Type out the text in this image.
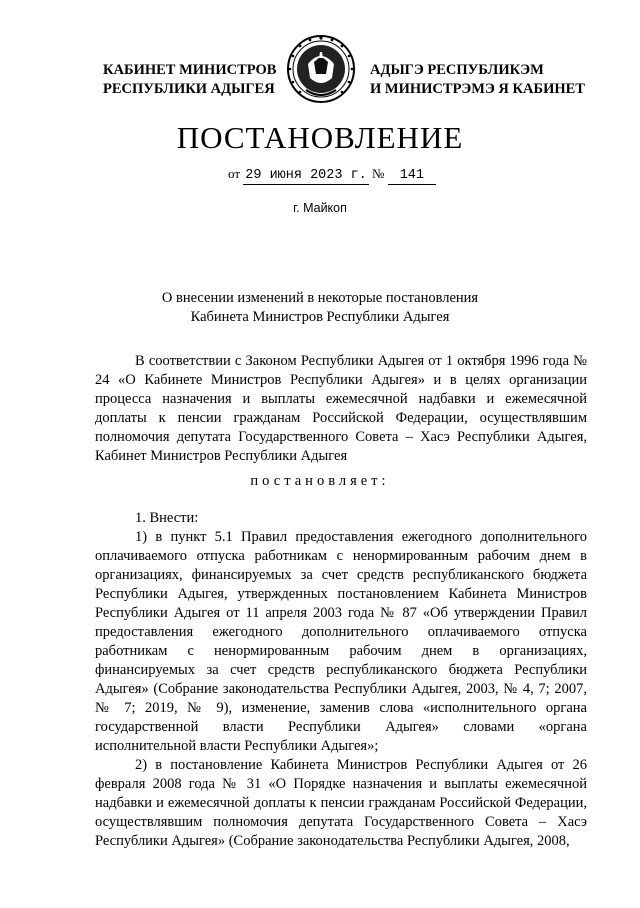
КАБИНЕТ МИНИСТРОВ
РЕСПУБЛИКИ АДЫГЕЯ
АДЫГЭ РЕСПУБЛИКЭМ
И МИНИСТРЭМЭ Я КАБИНЕТ
ПОСТАНОВЛЕНИЕ
от 29 июня 2023 г. № 141
г. Майкоп
О внесении изменений в некоторые постановления
Кабинета Министров Республики Адыгея

В соответствии с Законом Республики Адыгея от 1 октября 1996 года № 24 «О Кабинете Министров Республики Адыгея» и в целях организации процесса назначения и выплаты ежемесячной надбавки и ежемесячной доплаты к пенсии гражданам Российской Федерации, осуществлявшим полномочия депутата Государственного Совета – Хасэ Республики Адыгея, Кабинет Министров Республики Адыгея

постановляет:

1. Внести:

1) в пункт 5.1 Правил предоставления ежегодного дополнительного оплачиваемого отпуска работникам с ненормированным рабочим днем в организациях, финансируемых за счет средств республиканского бюджета Республики Адыгея, утвержденных постановлением Кабинета Министров Республики Адыгея от 11 апреля 2003 года № 87 «Об утверждении Правил предоставления ежегодного дополнительного оплачиваемого отпуска работникам с ненормированным рабочим днем в организациях, финансируемых за счет средств республиканского бюджета Республики Адыгея» (Собрание законодательства Республики Адыгея, 2003, № 4, 7; 2007, № 7; 2019, № 9), изменение, заменив слова «исполнительного органа государственной власти Республики Адыгея» словами «органа исполнительной власти Республики Адыгея»;

2) в постановление Кабинета Министров Республики Адыгея от 26 февраля 2008 года № 31 «О Порядке назначения и выплаты ежемесячной надбавки и ежемесячной доплаты к пенсии гражданам Российской Федерации, осуществлявшим полномочия депутата Государственного Совета – Хасэ Республики Адыгея» (Собрание законодательства Республики Адыгея, 2008,
